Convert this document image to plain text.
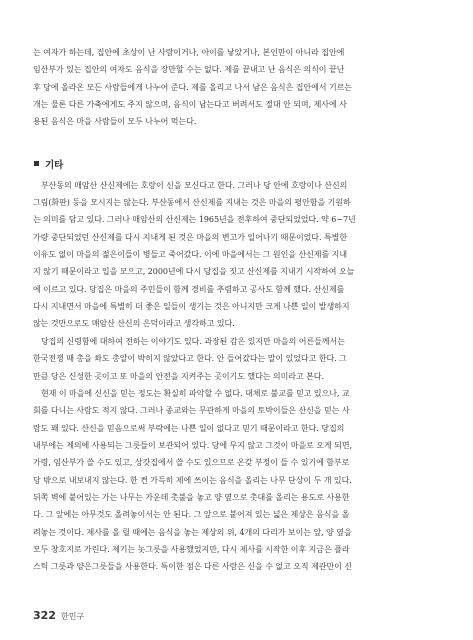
는 여자가 하는데, 집안에 초상이 난 사람이거나, 아이를 낳았거나, 본인만이 아니라 집안에

임산부가 있는 집안의 여자도 음식을 장만할 수는 없다. 제를 끝내고 난 음식은 의식이 끝난

후 당에 올라온 모든 사람들에게 나누어 준다. 제를 올리고 나서 남은 음식은 집안에서 기르는

개는 물론 다른 가축에게도 주지 않으며, 음식이 남는다고 버려서도 절대 안 되며, 제사에 사

용된 음식은 마을 사람들이 모두 나누어 먹는다.

기타

부산동의 매암산 산신제에는 호랑이 신을 모신다고 한다. 그러나 당 안에 호랑이나 산신의

그림(화판) 등을 모시지는 않는다. 부산동에서 산신제를 지내는 것은 마을의 평안함을 기원하

는 의미를 담고 있다. 그러나 매암산의 산신제는 1965년을 전후하여 중단되었었다. 약 6~7년

가량 중단되었던 산신제를 다시 지내게 된 것은 마을의 변고가 일어나기 때문이었다. 특별한

이유도 없이 마을의 젊은이들이 병들고 죽어갔다. 이에 마을에서는 그 원인을 산신제를 지내

지 않기 때문이라고 입을 모으고, 2000년에 다시 당집을 짓고 산신제를 지내기 시작하여 오늘

에 이르고 있다. 당집은 마을의 주민들이 함께 경비를 추렴하고 공사도 함께 했다. 산신제를

다시 지내면서 마을에 특별히 더 좋은 일들이 생기는 것은 아니지만 크게 나쁜 일이 발생하지

않는 것만으로도 매암산 산신의 은덕이라고 생각하고 있다.

당집의 신령함에 대하여 전하는 이야기도 있다. 과장된 감은 있지만 마을의 어른들께서는

한국전쟁 때 총을 쏴도 총알이 박히지 않았다고 한다. 안 들어갔다는 말이 있었다고 한다. 그

만큼 당은 신성한 곳이고 또 마을의 안전을 지켜주는 곳이기도 했다는 의미라고 본다.

현재 이 마을에 신신을 믿는 정도는 확실히 파악할 수 없다. 대체로 불교를 믿고 있으나, 교

회를 다니는 사람도 적지 않다. 그러나 종교와는 무관하게 마을의 토박이들은 산신을 믿는 사

람도 꽤 있다. 산신을 믿음으로써 부락에는 나쁜 일이 없다고 믿기 때문이라고 한다. 당집의

내부에는 제의에 사용되는 그릇들이 보관되어 있다. 당에 무지 않고 그것이 마을로 오게 되면,

가령, 임산부가 쓸 수도 있고, 상갓집에서 쓸 수도 있으므로 온갖 부정이 들 수 있기에 함부로

당 밖으로 내보내지 않는다. 한 켠 가득히 제에 쓰이는 음식을 올리는 나무 단상이 두 개 있다.

뒤쪽 벽에 붙어있는 가는 나무는 가운데 촛불을 놓고 양 옆으로 촛대를 올리는 용도로 사용한

다. 그 앞에는 아무것도 올려놓이서는 안 된다. 그 앞으로 붙어져 있는 넓은 제상은 음식을 올

려놓는 것이다. 제사를 올 릴 때에는 음식을 놓는 제상의 위, 4개의 다리가 보이는 앞, 양 옆을

모두 창호지로 가린다. 제기는 놋그릇을 사용했었지만, 다시 제사를 시작한 이후 지금은 플라

스틱 그릇과 양은그릇들을 사용한다. 특이한 점은 다른 사람은 신을 수 없고 오직 제관만이 신

322 한민구
